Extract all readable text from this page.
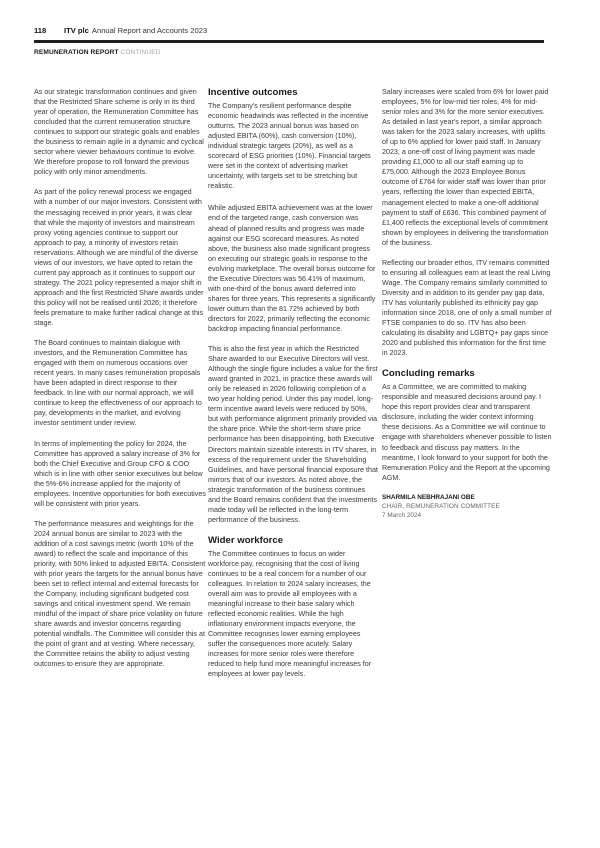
118	ITV plc Annual Report and Accounts 2023
REMUNERATION REPORT CONTINUED

As our strategic transformation continues and given that the Restricted Share scheme is only in its third year of operation, the Remuneration Committee has concluded that the current remuneration structure continues to support our strategic goals and enables the business to remain agile in a dynamic and cyclical sector where viewer behaviours continue to evolve. We therefore propose to roll forward the previous policy with only minor amendments.

As part of the policy renewal process we engaged with a number of our major investors. Consistent with the messaging received in prior years, it was clear that while the majority of investors and mainstream proxy voting agencies continue to support our approach to pay, a minority of investors retain reservations. Although we are mindful of the diverse views of our investors, we have opted to retain the current pay approach as it continues to support our strategy. The 2021 policy represented a major shift in approach and the first Restricted Share awards under this policy will not be realised until 2026; it therefore feels premature to make further radical change at this stage.

The Board continues to maintain dialogue with investors, and the Remuneration Committee has engaged with them on numerous occasions over recent years. In many cases remuneration proposals have been adapted in direct response to their feedback. In line with our normal approach, we will continue to keep the effectiveness of our approach to pay, developments in the market, and evolving investor sentiment under review.

In terms of implementing the policy for 2024, the Committee has approved a salary increase of 3% for both the Chief Executive and Group CFO & COO which is in line with other senior executives but below the 5%-6% increase applied for the majority of employees. Incentive opportunities for both executives will be consistent with prior years.

The performance measures and weightings for the 2024 annual bonus are similar to 2023 with the addition of a cost savings metric (worth 10% of the award) to reflect the scale and importance of this priority, with 50% linked to adjusted EBITA. Consistent with prior years the targets for the annual bonus have been set to reflect internal and external forecasts for the Company, including significant budgeted cost savings and critical investment spend. We remain mindful of the impact of share price volatility on future share awards and investor concerns regarding potential windfalls. The Committee will consider this at the point of grant and at vesting. Where necessary, the Committee retains the ability to adjust vesting outcomes to ensure they are appropriate.

Incentive outcomes

The Company's resilient performance despite economic headwinds was reflected in the incentive outturns. The 2023 annual bonus was based on adjusted EBITA (60%), cash conversion (10%), individual strategic targets (20%), as well as a scorecard of ESG priorities (10%). Financial targets were set in the context of advertising market uncertainty, with targets set to be stretching but realistic.

While adjusted EBITA achievement was at the lower end of the targeted range, cash conversion was ahead of planned results and progress was made against our ESG scorecard measures. As noted above, the business also made significant progress on executing our strategic goals in response to the evolving marketplace. The overall bonus outcome for the Executive Directors was 56.41% of maximum, with one-third of the bonus award deferred into shares for three years. This represents a significantly lower outturn than the 81.72% achieved by both directors for 2022, primarily reflecting the economic backdrop impacting financial performance.

This is also the first year in which the Restricted Share awarded to our Executive Directors will vest. Although the single figure includes a value for the first award granted in 2021, in practice these awards will only be released in 2026 following completion of a two year holding period. Under this pay model, long-term incentive award levels were reduced by 50%, but with performance alignment primarily provided via the share price. While the short-term share price performance has been disappointing, both Executive Directors maintain sizeable interests in ITV shares, in excess of the requirement under the Shareholding Guidelines, and have personal financial exposure that mirrors that of our investors. As noted above, the strategic transformation of the business continues and the Board remains confident that the investments made today will be reflected in the long-term performance of the business.

Wider workforce

The Committee continues to focus on wider workforce pay, recognising that the cost of living continues to be a real concern for a number of our colleagues. In relation to 2024 salary increases, the overall aim was to provide all employees with a meaningful increase to their base salary which reflected economic realities. While the high inflationary environment impacts everyone, the Committee recognises lower earning employees suffer the consequences more acutely. Salary increases for more senior roles were therefore reduced to help fund more meaningful increases for employees at lower pay levels.

Salary increases were scaled from 6% for lower paid employees, 5% for low-mid tier roles, 4% for mid-senior roles and 3% for the more senior executives. As detailed in last year's report, a similar approach was taken for the 2023 salary increases, with uplifts of up to 6% applied for lower paid staff. In January 2023, a one-off cost of living payment was made providing £1,000 to all our staff earning up to £75,000. Although the 2023 Employee Bonus outcome of £764 for wider staff was lower than prior years, reflecting the lower than expected EBITA, management elected to make a one-off additional payment to staff of £636. This combined payment of £1,400 reflects the exceptional levels of commitment shown by employees in delivering the transformation of the business.

Reflecting our broader ethos, ITV remains committed to ensuring all colleagues earn at least the real Living Wage. The Company remains similarly committed to Diversity and in addition to its gender pay gap data, ITV has voluntarily published its ethnicity pay gap information since 2018, one of only a small number of FTSE companies to do so. ITV has also been calculating its disability and LGBTQ+ pay gaps since 2020 and published this information for the first time in 2023.

Concluding remarks

As a Committee, we are committed to making responsible and measured decisions around pay. I hope this report provides clear and transparent disclosure, including the wider context informing these decisions. As a Committee we will continue to engage with shareholders whenever possible to listen to feedback and discuss pay matters. In the meantime, I look forward to your support for both the Remuneration Policy and the Report at the upcoming AGM.

SHARMILA NEBHRAJANI OBE
CHAIR, REMUNERATION COMMITTEE
7 March 2024
